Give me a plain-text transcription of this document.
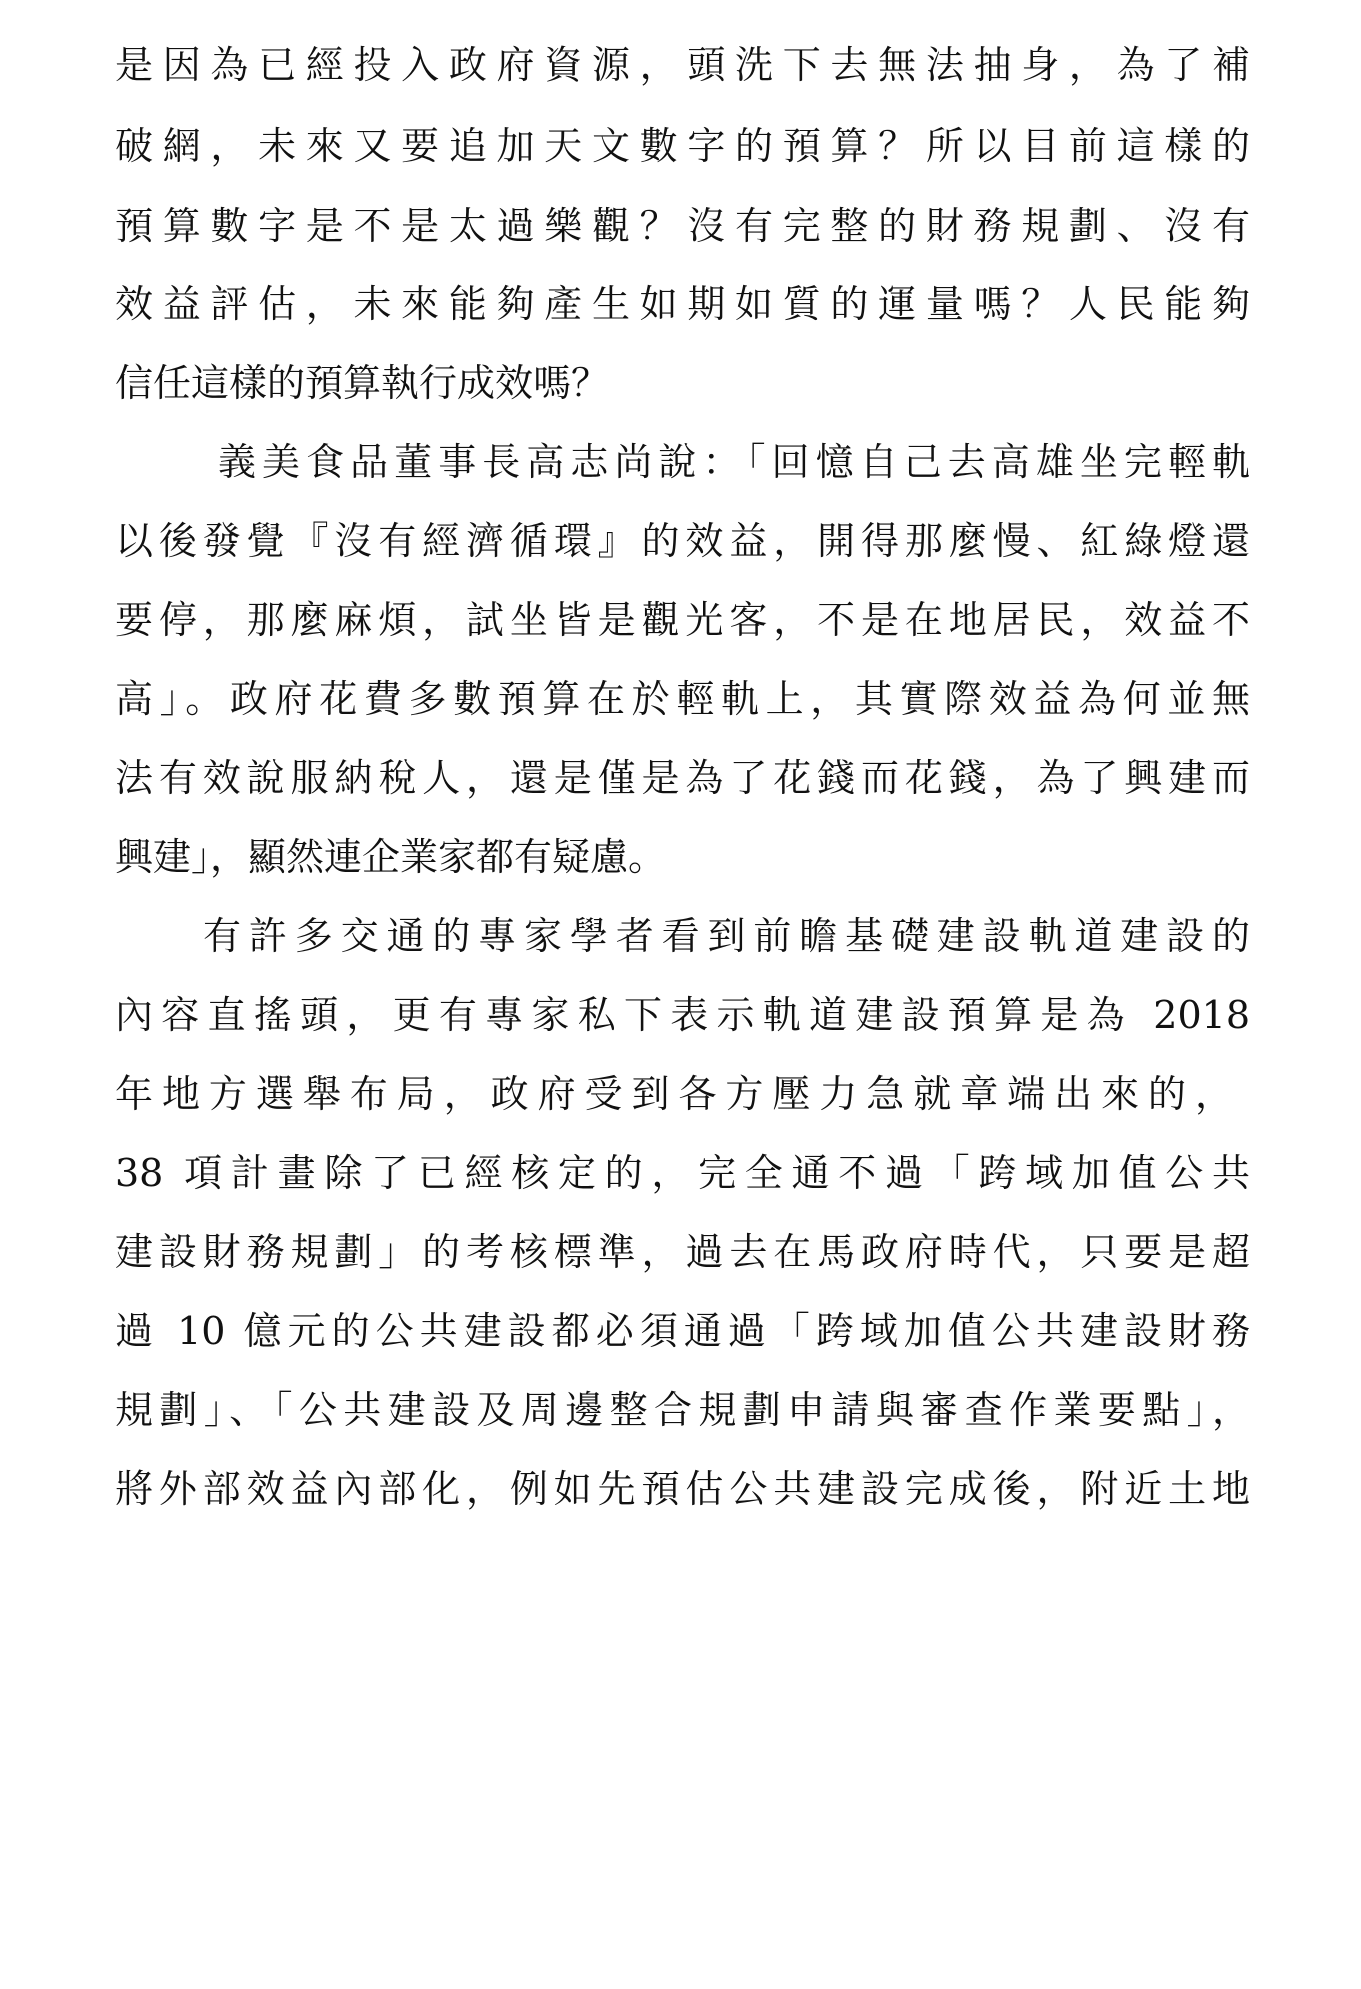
是因為已經投入政府資源，頭洗下去無法抽身，為了補

破網，未來又要追加天文數字的預算？所以目前這樣的

預算數字是不是太過樂觀？沒有完整的財務規劃、沒有

效益評估，未來能夠產生如期如質的運量嗎？人民能夠

信任這樣的預算執行成效嗎？

義美食品董事長高志尚說：「回憶自己去高雄坐完輕軌

以後發覺『沒有經濟循環』的效益，開得那麼慢、紅綠燈還

要停，那麼麻煩，試坐皆是觀光客，不是在地居民，效益不

高」。政府花費多數預算在於輕軌上，其實際效益為何並無

法有效說服納稅人，還是僅是為了花錢而花錢，為了興建而

興建」，顯然連企業家都有疑慮。

有許多交通的專家學者看到前瞻基礎建設軌道建設的

內容直搖頭，更有專家私下表示軌道建設預算是為 2018

年地方選舉布局，政府受到各方壓力急就章端出來的，

38 項計畫除了已經核定的，完全通不過「跨域加值公共

建設財務規劃」的考核標準，過去在馬政府時代，只要是超

過 10 億元的公共建設都必須通過「跨域加值公共建設財務

規劃」、「公共建設及周邊整合規劃申請與審查作業要點」，

將外部效益內部化，例如先預估公共建設完成後，附近土地
